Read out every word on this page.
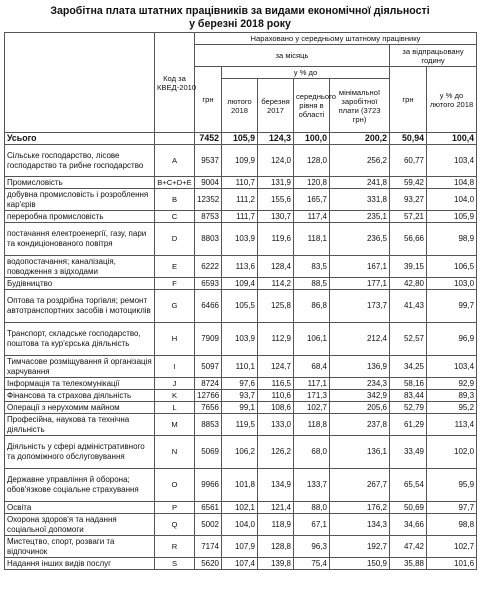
Заробітна плата штатних працівників за видами економічної діяльності
у березні 2018 року
	Код за КВЕД-2010	Нараховано у середньому штатному працівнику						
		за місяць					за відпрацьовану годину	
		грн	у % до				грн	у % до лютого 2018
			лютого 2018	березня 2017	середнього рівня в області	мінімальної заробітної плати (3723 грн)		
Усього		7452	105,9	124,3	100,0	200,2	50,94	100,4
Сільське господарство, лісове господарство та рибне господарство	A	9537	109,9	124,0	128,0	256,2	60,77	103,4
Промисловість	B+C+D+E	9004	110,7	131,9	120,8	241,8	59,42	104,8
добувна промисловість і розроблення кар'єрів	B	12352	111,2	155,6	165,7	331,8	93,27	104,0
переробна промисловість	C	8753	111,7	130,7	117,4	235,1	57,21	105,9
постачання електроенергії, газу, пари та кондиціонованого повітря	D	8803	103,9	119,6	118,1	236,5	56,66	98,9
водопостачання; каналізація, поводження з відходами	E	6222	113,6	128,4	83,5	167,1	39,15	106,5
Будівництво	F	6593	109,4	114,2	88,5	177,1	42,80	103,0
Оптова та роздрібна торгівля; ремонт автотранспортних засобів і мотоциклів	G	6466	105,5	125,8	86,8	173,7	41,43	99,7
Транспорт, складське господарство, поштова та кур'єрська діяльність	H	7909	103,9	112,9	106,1	212,4	52,57	96,9
Тимчасове розміщування й організація харчування	I	5097	110,1	124,7	68,4	136,9	34,25	103,4
Інформація та телекомунікації	J	8724	97,6	116,5	117,1	234,3	58,16	92,9
Фінансова та страхова діяльність	K	12766	93,7	110,6	171,3	342,9	83,44	89,3
Операції з нерухомим майном	L	7656	99,1	108,6	102,7	205,6	52,79	95,2
Професійна, наукова та технічна діяльність	M	8853	119,5	133,0	118,8	237,8	61,29	113,4
Діяльність у сфері адміністративного та допоміжного обслуговування	N	5069	106,2	126,2	68,0	136,1	33,49	102,0
Державне управління й оборона; обов'язкове соціальне страхування	O	9966	101,8	134,9	133,7	267,7	65,54	95,9
Освіта	P	6561	102,1	121,4	88,0	176,2	50,69	97,7
Охорона здоров'я та надання соціальної допомоги	Q	5002	104,0	118,9	67,1	134,3	34,66	98,8
Мистецтво, спорт, розваги та відпочинок	R	7174	107,9	128,8	96,3	192,7	47,42	102,7
Надання інших видів послуг	S	5620	107,4	139,8	75,4	150,9	35,88	101,6
